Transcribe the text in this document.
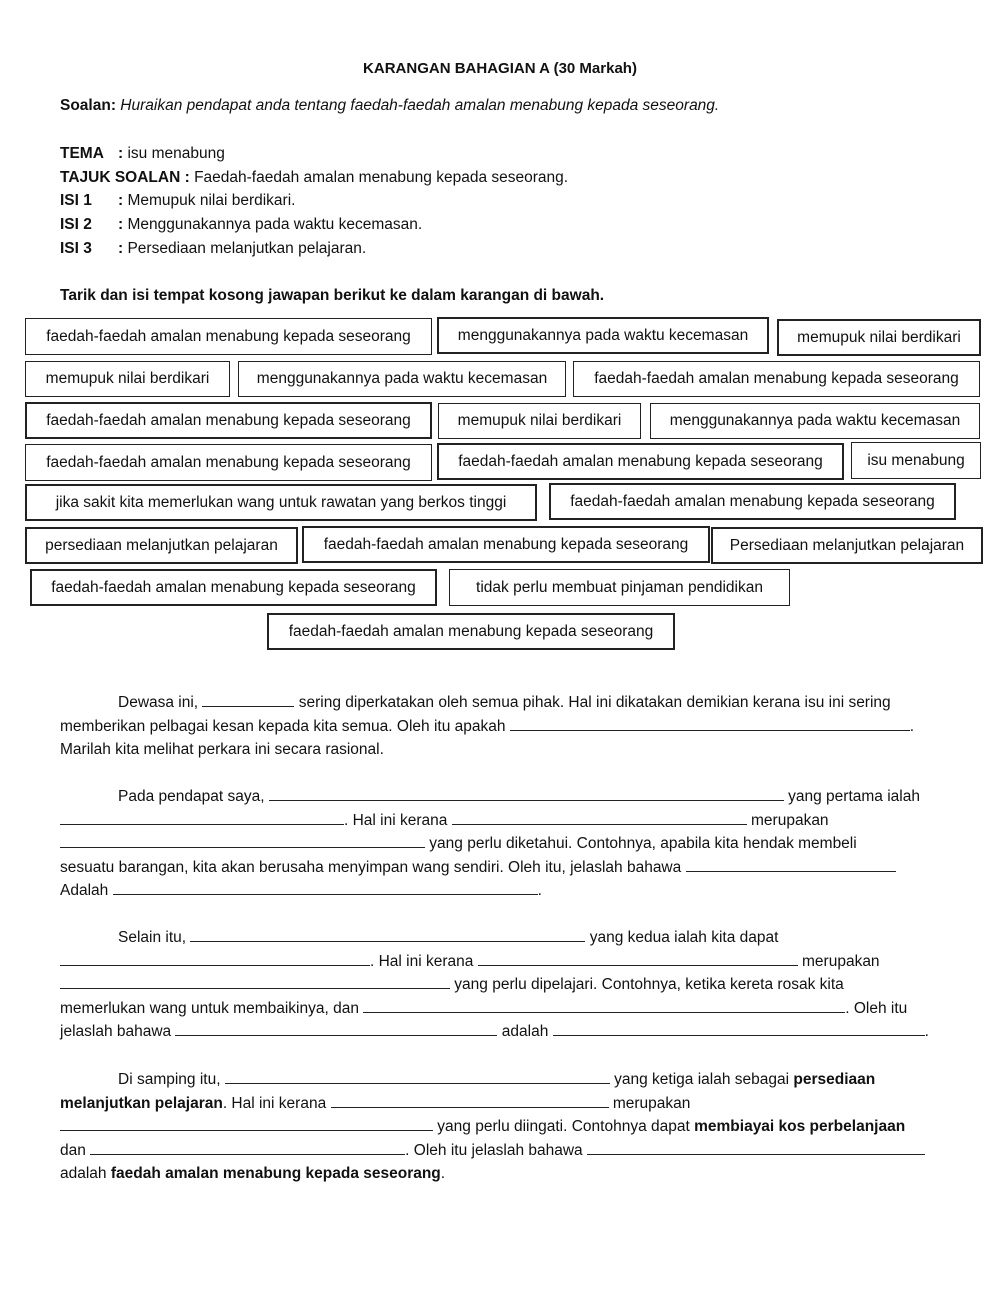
KARANGAN BAHAGIAN A (30 Markah)
Soalan: Huraikan pendapat anda tentang faedah-faedah amalan menabung kepada seseorang.
TEMA : isu menabung
TAJUK SOALAN : Faedah-faedah amalan menabung kepada seseorang.
ISI 1 : Memupuk nilai berdikari.
ISI 2 : Menggunakannya pada waktu kecemasan.
ISI 3 : Persediaan melanjutkan pelajaran.
Tarik dan isi tempat kosong jawapan berikut ke dalam karangan di bawah.
faedah-faedah amalan menabung kepada seseorang	menggunakannya pada waktu kecemasan	memupuk nilai berdikari
memupuk nilai berdikari	menggunakannya pada waktu kecemasan	faedah-faedah amalan menabung kepada seseorang
faedah-faedah amalan menabung kepada seseorang	memupuk nilai berdikari	menggunakannya pada waktu kecemasan
faedah-faedah amalan menabung kepada seseorang	faedah-faedah amalan menabung kepada seseorang	isu menabung
jika sakit kita memerlukan wang untuk rawatan yang berkos tinggi	faedah-faedah amalan menabung kepada seseorang
persediaan melanjutkan pelajaran	faedah-faedah amalan menabung kepada seseorang	Persediaan melanjutkan pelajaran
faedah-faedah amalan menabung kepada seseorang	tidak perlu membuat pinjaman pendidikan
faedah-faedah amalan menabung kepada seseorang
Dewasa ini,	sering diperkatakan oleh semua pihak. Hal ini dikatakan demikian kerana isu ini sering
memberikan pelbagai kesan kepada kita semua. Oleh itu apakah	.
Marilah kita melihat perkara ini secara rasional.
Pada pendapat saya,	yang pertama ialah
. Hal ini kerana	merupakan
yang perlu diketahui. Contohnya, apabila kita hendak membeli
sesuatu barangan, kita akan berusaha menyimpan wang sendiri. Oleh itu, jelaslah bahawa
Adalah	.
Selain itu,	yang kedua ialah kita dapat
. Hal ini kerana	merupakan
yang perlu dipelajari. Contohnya, ketika kereta rosak kita
memerlukan wang untuk membaikinya, dan	. Oleh itu
jelaslah bahawa	adalah	.
Di samping itu,	yang ketiga ialah sebagai persediaan
melanjutkan pelajaran. Hal ini kerana	merupakan
yang perlu diingati. Contohnya dapat membiayai kos perbelanjaan
dan	. Oleh itu jelaslah bahawa
adalah faedah amalan menabung kepada seseorang.
